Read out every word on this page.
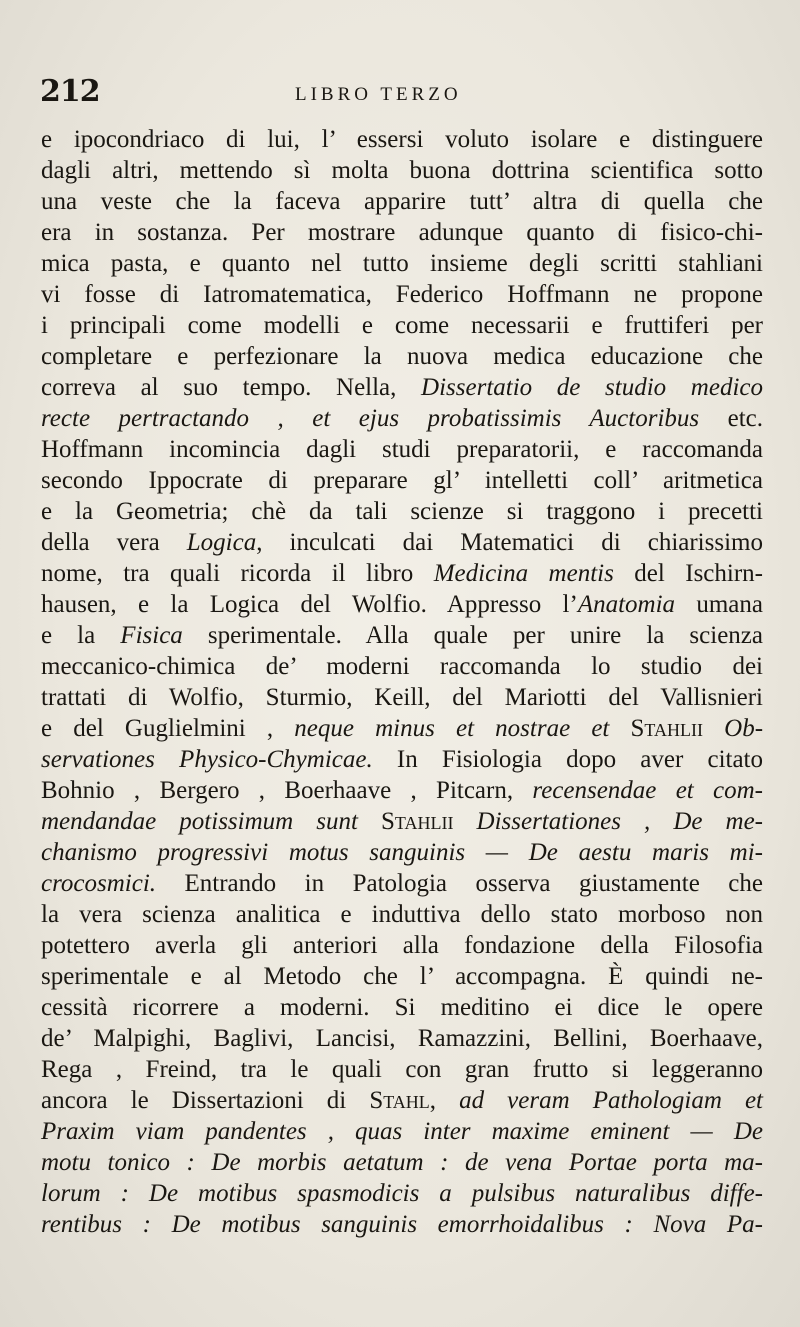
212	LIBRO TERZO
e ipocondriaco di lui, l’ essersi voluto isolare e distinguere
dagli altri, mettendo sì molta buona dottrina scientifica sotto
una veste che la faceva apparire tutt’ altra di quella che
era in sostanza. Per mostrare adunque quanto di fisico-chi-
mica pasta, e quanto nel tutto insieme degli scritti stahliani
vi fosse di Iatromatematica, Federico Hoffmann ne propone
i principali come modelli e come necessarii e fruttiferi per
completare e perfezionare la nuova medica educazione che
correva al suo tempo. Nella, Dissertatio de studio medico
recte pertractando , et ejus probatissimis Auctoribus etc.
Hoffmann incomincia dagli studi preparatorii, e raccomanda
secondo Ippocrate di preparare gl’ intelletti coll’ aritmetica
e la Geometria; chè da tali scienze si traggono i precetti
della vera Logica, inculcati dai Matematici di chiarissimo
nome, tra quali ricorda il libro Medicina mentis del Ischirn-
hausen, e la Logica del Wolfio. Appresso l’Anatomia umana
e la Fisica sperimentale. Alla quale per unire la scienza
meccanico-chimica de’ moderni raccomanda lo studio dei
trattati di Wolfio, Sturmio, Keill, del Mariotti del Vallisnieri
e del Guglielmini , neque minus et nostrae et Stahlii Ob-
servationes Physico-Chymicae. In Fisiologia dopo aver citato
Bohnio , Bergero , Boerhaave , Pitcarn, recensendae et com-
mendandae potissimum sunt Stahlii Dissertationes , De me-
chanismo progressivi motus sanguinis — De aestu maris mi-
crocosmici. Entrando in Patologia osserva giustamente che
la vera scienza analitica e induttiva dello stato morboso non
potettero averla gli anteriori alla fondazione della Filosofia
sperimentale e al Metodo che l’ accompagna. È quindi ne-
cessità ricorrere a moderni. Si meditino ei dice le opere
de’ Malpighi, Baglivi, Lancisi, Ramazzini, Bellini, Boerhaave,
Rega , Freind, tra le quali con gran frutto si leggeranno
ancora le Dissertazioni di Stahl, ad veram Pathologiam et
Praxim viam pandentes , quas inter maxime eminent — De
motu tonico : De morbis aetatum : de vena Portae porta ma-
lorum : De motibus spasmodicis a pulsibus naturalibus diffe-
rentibus : De motibus sanguinis emorrhoidalibus : Nova Pa-
